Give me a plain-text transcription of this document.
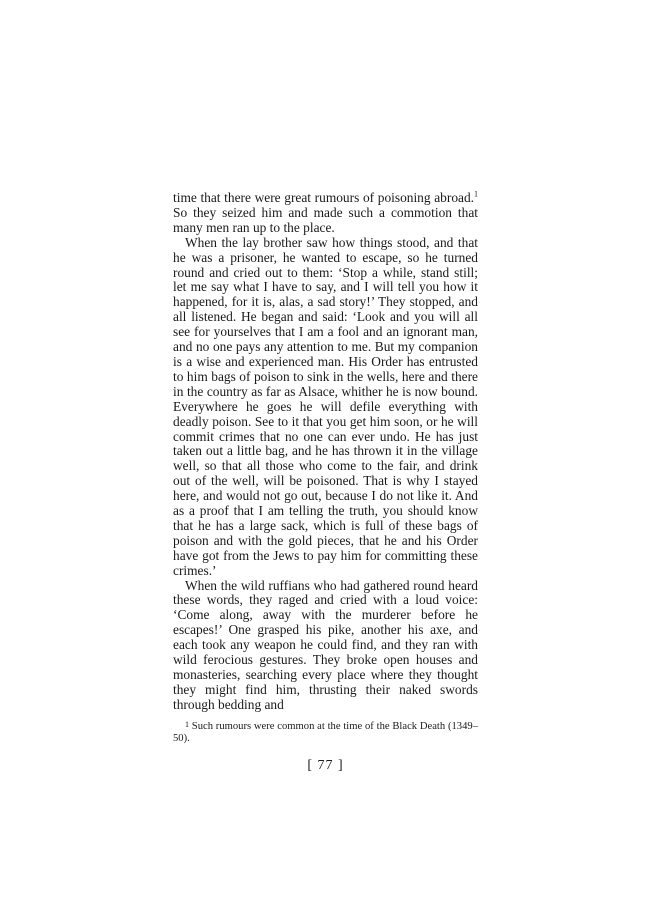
time that there were great rumours of poisoning abroad.$^1$ So they seized him and made such a commotion that many men ran up to the place.

When the lay brother saw how things stood, and that he was a prisoner, he wanted to escape, so he turned round and cried out to them: ‘Stop a while, stand still; let me say what I have to say, and I will tell you how it happened, for it is, alas, a sad story!’ They stopped, and all listened. He began and said: ‘Look and you will all see for yourselves that I am a fool and an ignorant man, and no one pays any attention to me. But my companion is a wise and experienced man. His Order has entrusted to him bags of poison to sink in the wells, here and there in the country as far as Alsace, whither he is now bound. Everywhere he goes he will defile everything with deadly poison. See to it that you get him soon, or he will commit crimes that no one can ever undo. He has just taken out a little bag, and he has thrown it in the village well, so that all those who come to the fair, and drink out of the well, will be poisoned. That is why I stayed here, and would not go out, because I do not like it. And as a proof that I am telling the truth, you should know that he has a large sack, which is full of these bags of poison and with the gold pieces, that he and his Order have got from the Jews to pay him for committing these crimes.’

When the wild ruffians who had gathered round heard these words, they raged and cried with a loud voice: ‘Come along, away with the murderer before he escapes!’ One grasped his pike, another his axe, and each took any weapon he could find, and they ran with wild ferocious gestures. They broke open houses and monasteries, searching every place where they thought they might find him, thrusting their naked swords through bedding and

1 Such rumours were common at the time of the Black Death (1349–50).
[ 77 ]
